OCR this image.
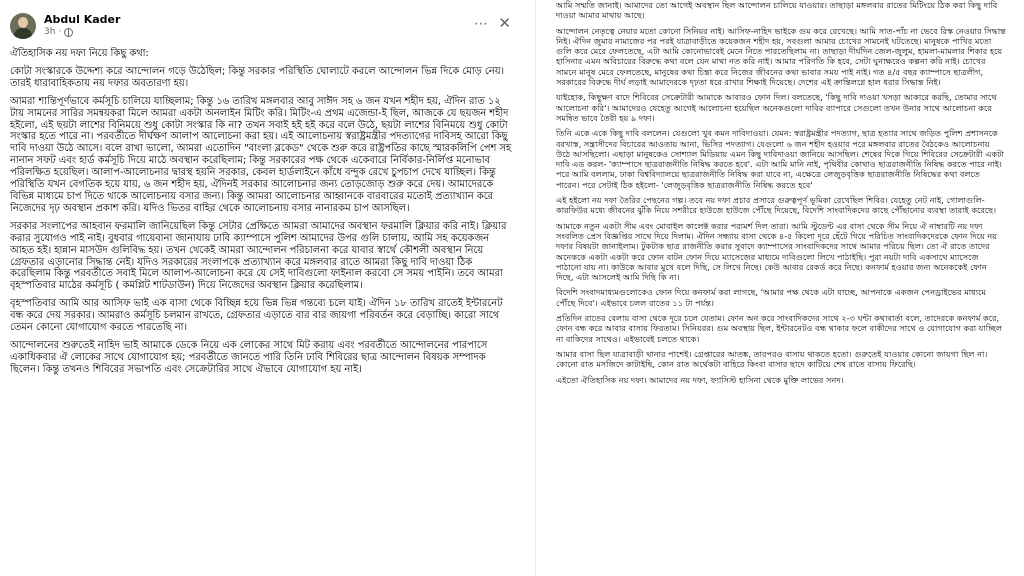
Abdul Kader
3h ·	⋯ ✕

ঐতিহাসিক নয় দফা নিয়ে কিছু কথা:

কোটা সংস্কারকে উদ্দেশ্য করে আন্দোলন গড়ে উঠেছিল; কিন্তু সরকার পরিস্থিতি ঘোলাটে করলে আন্দোলন ভিন্ন দিকে মোড় নেয়। তারই ধারাবাহিকতায় নয় দফার অবতারণা হয়।

আমরা শান্তিপূর্ণভাবে কর্মসূচি চালিয়ে যাচ্ছিলাম; কিন্তু ১৬ তারিখ মঙ্গলবার আবু সাঈদ সহ ৬ জন যখন শহীদ হয়, ঐদিন রাত ১২ টায় সামনের সারির সমন্বয়করা মিলে আমরা একটা অনলাইন মিটিং করি। মিটিং-এ প্রথম এজেন্ডা-ই ছিল, আজকে যে ছয়জন শহীদ হইলো, এই ছয়টা লাশের বিনিময়ে শুধু কোটা সংস্কার কি না? তখন সবাই হই হই করে বলে উঠে, ছয়টা লাশের বিনিময়ে শুধু কোটা সংস্কার হতে পারে না। পরবর্তীতে দীর্ঘক্ষণ আলাপ আলোচনা করা হয়। এই আলোচনায় স্বরাষ্ট্রমন্ত্রীর পদত্যাগের দাবিসহ আরো কিছু দাবি দাওয়া উঠে আসে। বলে রাখা ভালো, আমরা এতোদিন "বাংলা ব্লকেড" থেকে শুরু করে রাষ্ট্রপতির কাছে স্মারকলিপি পেশ সহ নানান সফট এবং হার্ড কর্মসূচি দিয়ে মাঠে অবস্থান করেছিলাম; কিন্তু সরকারের পক্ষ থেকে একেবারে নির্বিকার-নির্লিপ্ত মনোভাব পরিলক্ষিত হয়েছিল। আলাপ-আলোচনার দ্বারস্থ হয়নি সরকার, কেবল হার্ডলাইনে কাঁধে বন্দুক রেখে চুপচাপ দেখে যাচ্ছিল। কিন্তু পরিস্থিতি যখন বেগতিক হয়ে যায়, ৬ জন শহীদ হয়, ঐদিনই সরকার আলোচনার জন্য তোড়জোড় শুরু করে দেয়। আমাদেরকে বিভিন্ন মাধ্যমে চাপ দিতে থাকে আলোচনায় বসার জন্য। কিন্তু আমরা আলোচনার আহ্বানকে বারবারের মতোই প্রত্যাখ্যান করে নিজেদের দৃঢ় অবস্থান প্রকাশ করি। যদিও ভিতর বাহির থেকে আলোচনায় বসার নানারকম চাপ আসছিল।

সরকার সংলাপের আহবান ফরমালি জানিয়েছিল কিন্তু সেটার প্রেক্ষিতে আমরা আমাদের অবস্থান ফরমালি ক্লিয়ার করি নাই। ক্লিয়ার করার সুযোগও পাই নাই। বুধবার গায়েবানা জানাযায় ঢাবি ক্যাম্পাসে পুলিশ আমাদের উপর গুলি চালায়, আমি সহ কয়েকজন আহত হই। হান্নান মাসউদ গুলিবিদ্ধ হয়। তখন থেকেই আমরা আন্দোলন পরিচালনা করে যাবার স্বার্থে কৌশলী অবস্থান নিয়ে গ্রেফতার এড়ানোর সিদ্ধান্ত নেই। যদিও সরকারের সংলাপকে প্রত্যাখ্যান করে মঙ্গলবার রাতে আমরা কিছু দাবি দাওয়া ঠিক করেছিলাম কিন্তু পরবর্তীতে সবাই মিলে আলাপ-আলোচনা করে যে সেই দাবিগুলো ফাইনাল করবো সে সময় পাইনি। তবে আমরা বৃহস্পতিবার মাঠের কর্মসূচি ( কমপ্লিট শাটডাউন) দিয়ে নিজেদের অবস্থান ক্লিয়ার করেছিলাম।

বৃহস্পতিবার আমি আর আসিফ ভাই এক বাসা থেকে বিচ্ছিন্ন হয়ে ভিন্ন ভিন্ন গন্তব্যে চলে যাই। ঐদিন ১৮ তারিখ রাতেই ইন্টারনেট বন্ধ করে দেয় সরকার। আমরাও কর্মসূচি চলমান রাখতে, গ্রেফতার এড়াতে বার বার জায়গা পরিবর্তন করে বেড়াচ্ছি। কারো সাথে তেমন কোনো যোগাযোগ করতে পারতেছি না।

আন্দোলনের শুরুতেই নাহিদ ভাই আমাকে ডেকে নিয়ে এক লোকের সাথে মিট করায় এবং পরবর্তীতে আন্দোলনের পারপাসে একাধিকবার ঐ লোকের সাথে যোগাযোগ হয়; পরবর্তীতে জানতে পারি তিনি ঢাবি শিবিরের ছাত্র আন্দোলন বিষয়ক সম্পাদক ছিলেন। কিন্তু তখনও শিবিরের সভাপতি এবং সেক্রেটারির সাথে ঐভাবে যোগাযোগ হয় নাই।

আমি সম্মতি জানাই। আমাদের তো আগেই অবস্থান ছিল আন্দোলন চালিয়ে যাওয়ার। তাছাড়া মঙ্গলবার রাতের মিটিংয়ে ঠিক করা কিছু দাবি দাওয়া আমার মাথায় আছে।

আন্দোলন নেতৃত্বে নেয়ার মতো কোনো সিনিয়র নাই। আসিফ-নাহিদ ভাইকে গুম করে রেখেছে। আমি সাত-পাঁচ না ভেবে রিস্ক নেওয়ার সিদ্ধান্ত নিই। ঐদিন জুমার নামাজের পর পরই যাত্রাবাড়ীতে কয়েকজন শহীদ হয়, সবগুলা আমার চোখের সামনেই ঘটতেছে। মানুষকে পাখির মতো গুলি করে মেরে ফেলতেছে, এটা আমি কোনোভাবেই মেনে নিতে পারতেছিলাম না। তাছাড়া দীর্ঘদিন জেল-জুলুম, হামলা-মামলার শিকার হয়ে হাসিনার এমন অবিচারের বিরুদ্ধে কথা বলে যেন মাথা নত করি নাই। আমার পরিণতি কি হবে, সেটা ঘুনাক্ষরেও কল্পনা করি নাই। চোখের সামনে মানুষ মেরে ফেলতেছে, মানুষের কথা চিন্তা করে নিজের জীবনের কথা ভাবার সময় পাই নাই। গত ৪/৫ বছর ক্যাম্পাসে ছাত্রলীগ, সরকারের বিরুদ্ধে দীর্ঘ লড়াই আমাদেরকে দৃঢ়তা ধরে রাখার শিক্ষাই দিয়েছে। দেশের এই ক্রান্তিলগ্নে হাল ধরার সিদ্ধান্ত নিই।

যাইহোক, কিছুক্ষণ বাদে শিবিরের সেক্রেটারী আমাকে আবারও ফোন দিল। বলতেছে, 'কিছু দাবি দাওয়া খসড়া আকারে করছি, তোমার সাথে আলোচনা করি'। আমাদেরও যেহেতু আগেই আলোচনা হয়েছিল অনেকগুলো দাবির ব্যাপারে সেগুলো তখন উনার সাথে আলোচনা করে সমন্বিত ভাবে তৈরী হয় ৯ দফা।

তিনি একে একে কিছু দাবি বললেন। যেগুলো খুব কমন দাবিদাওয়া। যেমন: স্বরাষ্ট্রমন্ত্রীর পদত্যাগ, ছাত্র হত্যার সাথে জড়িত পুলিশ প্রশাসনকে বরখাস্ত, সন্ত্রাসীদের বিচারের আওতায় আনা, ভিসির পদত্যাগ। যেগুলো ৬ জন শহীদ হওয়ার পরে মঙ্গলবার রাতের বৈঠকেও আলোচনায় উঠে আসছিলো। এছাড়া মানুষকেও সোশ্যাল মিডিয়ায় এমন কিছু দাবিদাওয়া জানিয়ে আসছিল। শেষের দিকে গিয়ে শিবিরের সেক্রেটারী একটা দাবি এড করল- 'ক্যাম্পাসে ছাত্ররাজনীতি নিষিদ্ধ করতে হবে'. এটা আমি মানি নাই, পৃথিবীর কোথাও ছাত্ররাজনীতি নিষিদ্ধ করতে পারে নাই। পরে আমি বললাম, ঢাকা বিশ্ববিদ্যালয়ে ছাত্ররাজনীতি নিষিদ্ধ করা যাবে না, এক্ষেত্রে লেজুড়বৃত্তিক ছাত্ররাজনীতি নিষিদ্ধের কথা বলতে পারেন। পরে সেটাই ঠিক হইলো- 'লেজুড়বৃত্তিক ছাত্ররাজনীতি নিষিদ্ধ করতে হবে'

এই হইলো নয় দফা তৈরির পেছনের গল্প। তবে নয় দফা প্রচার প্রসারে গুরুত্বপূর্ণ ভূমিকা রেখেছিল শিবির। যেহেতু নেট নাই, গোলাগুলি-কারফিউর মধ্যে জীবনের ঝুঁকি নিয়ে সশরীরে হাউজে হাউজে পৌঁছে দিয়েছে, বিদেশি সাংবাদিকদের কাছে পৌঁছানোর ব্যবস্থা তারাই করেছে।

আমাকে নতুন একটা সীম এবং মোবাইল কালেক্ট করার পরামর্শ দিল তারা। আমি স্টুডেন্ট এর বাসা থেকে সীম নিয়ে ঐ নাম্বারটি নয় দফা সংবলিত প্রেস বিজ্ঞপ্তির সাথে দিয়ে দিলাম। ঐদিন সন্ধ্যায় বাসা থেকে ৪-৫ কিলো দূরে হেঁটে গিয়ে পরিচিত সাংবাদিকদেরকে ফোন দিয়ে নয় দফার বিষয়টা জানাইলাম। টুকটাক ছাত্র রাজনীতি করার সুবাদে ক্যাম্পাসের সাংবাদিকদের সাথে আমার পরিচয় ছিল। তো ঐ রাতে তাদের অনেককে একটা একটা করে ফোন বাটন ফোন দিয়ে ম্যাসেজের মাধ্যমে দাবিগুলো লিখে পাঠাইছি। পুরা নয়টা দাবি একসাথে ম্যাসেজে পাঠানো যায় না। কাউকে আবার মুখে বলে দিছি, সে লিখে নিছে। কেউ আবার রেকর্ড করে নিছে। কনফার্ম হওয়ার জন্য অনেককেই ফোন দিছে, এটা আসলেই আমি দিছি কি না।

বিদেশি সংবাদমাধ্যমগুলোকেও ফোন দিয়ে কনফার্ম করা লাগছে, 'আমার পক্ষ থেকে এটা যাচ্ছে, আপনাকে একজন পেনড্রাইভের মাধ্যমে পৌঁছে দিবে'। এইভাবে চলল রাতের ১১ টা পর্যন্ত।

প্রতিদিন রাতের বেলায় বাসা থেকে দূরে চলে যেতাম। ফোন অন করে সাংবাদিকদের সাথে ২-৩ ঘন্টা কথাবার্তা বলে, তাদেরকে কনফার্ম করে, ফোন বন্ধ করে আবার বাসায় ফিরতাম। সিনিয়রর। গুম অবস্থায় ছিল, ইন্টারনেটও বন্ধ থাকার ফলে বাকীদের সাথে ও যোগাযোগ করা যাচ্ছিল না বাকিদের সাথেও। এইভাবেই চলতে থাকে।

আমার বাসা ছিল যাত্রাবাড়ী থানার পাশেই। গ্রেপ্তারের আতঙ্ক, তারপরও বাসায় থাকতে হতো। গুরুতেই যাওয়ার কোনো জায়গা ছিল না। কোনো রাত মসজিদে কাটাইছি, কোন রাত অর্থেকটা বাহিরে কিংবা বাসার ছাদে কাটিয়ে শেষ রাতে বাসায় ফিরেছি।

এইতো ঐতিহাসিক নয় দফা। আমাদের নয় দফা, ফ্যাসিস্ট হাসিনা থেকে মুক্তি লাভের সনদ।
